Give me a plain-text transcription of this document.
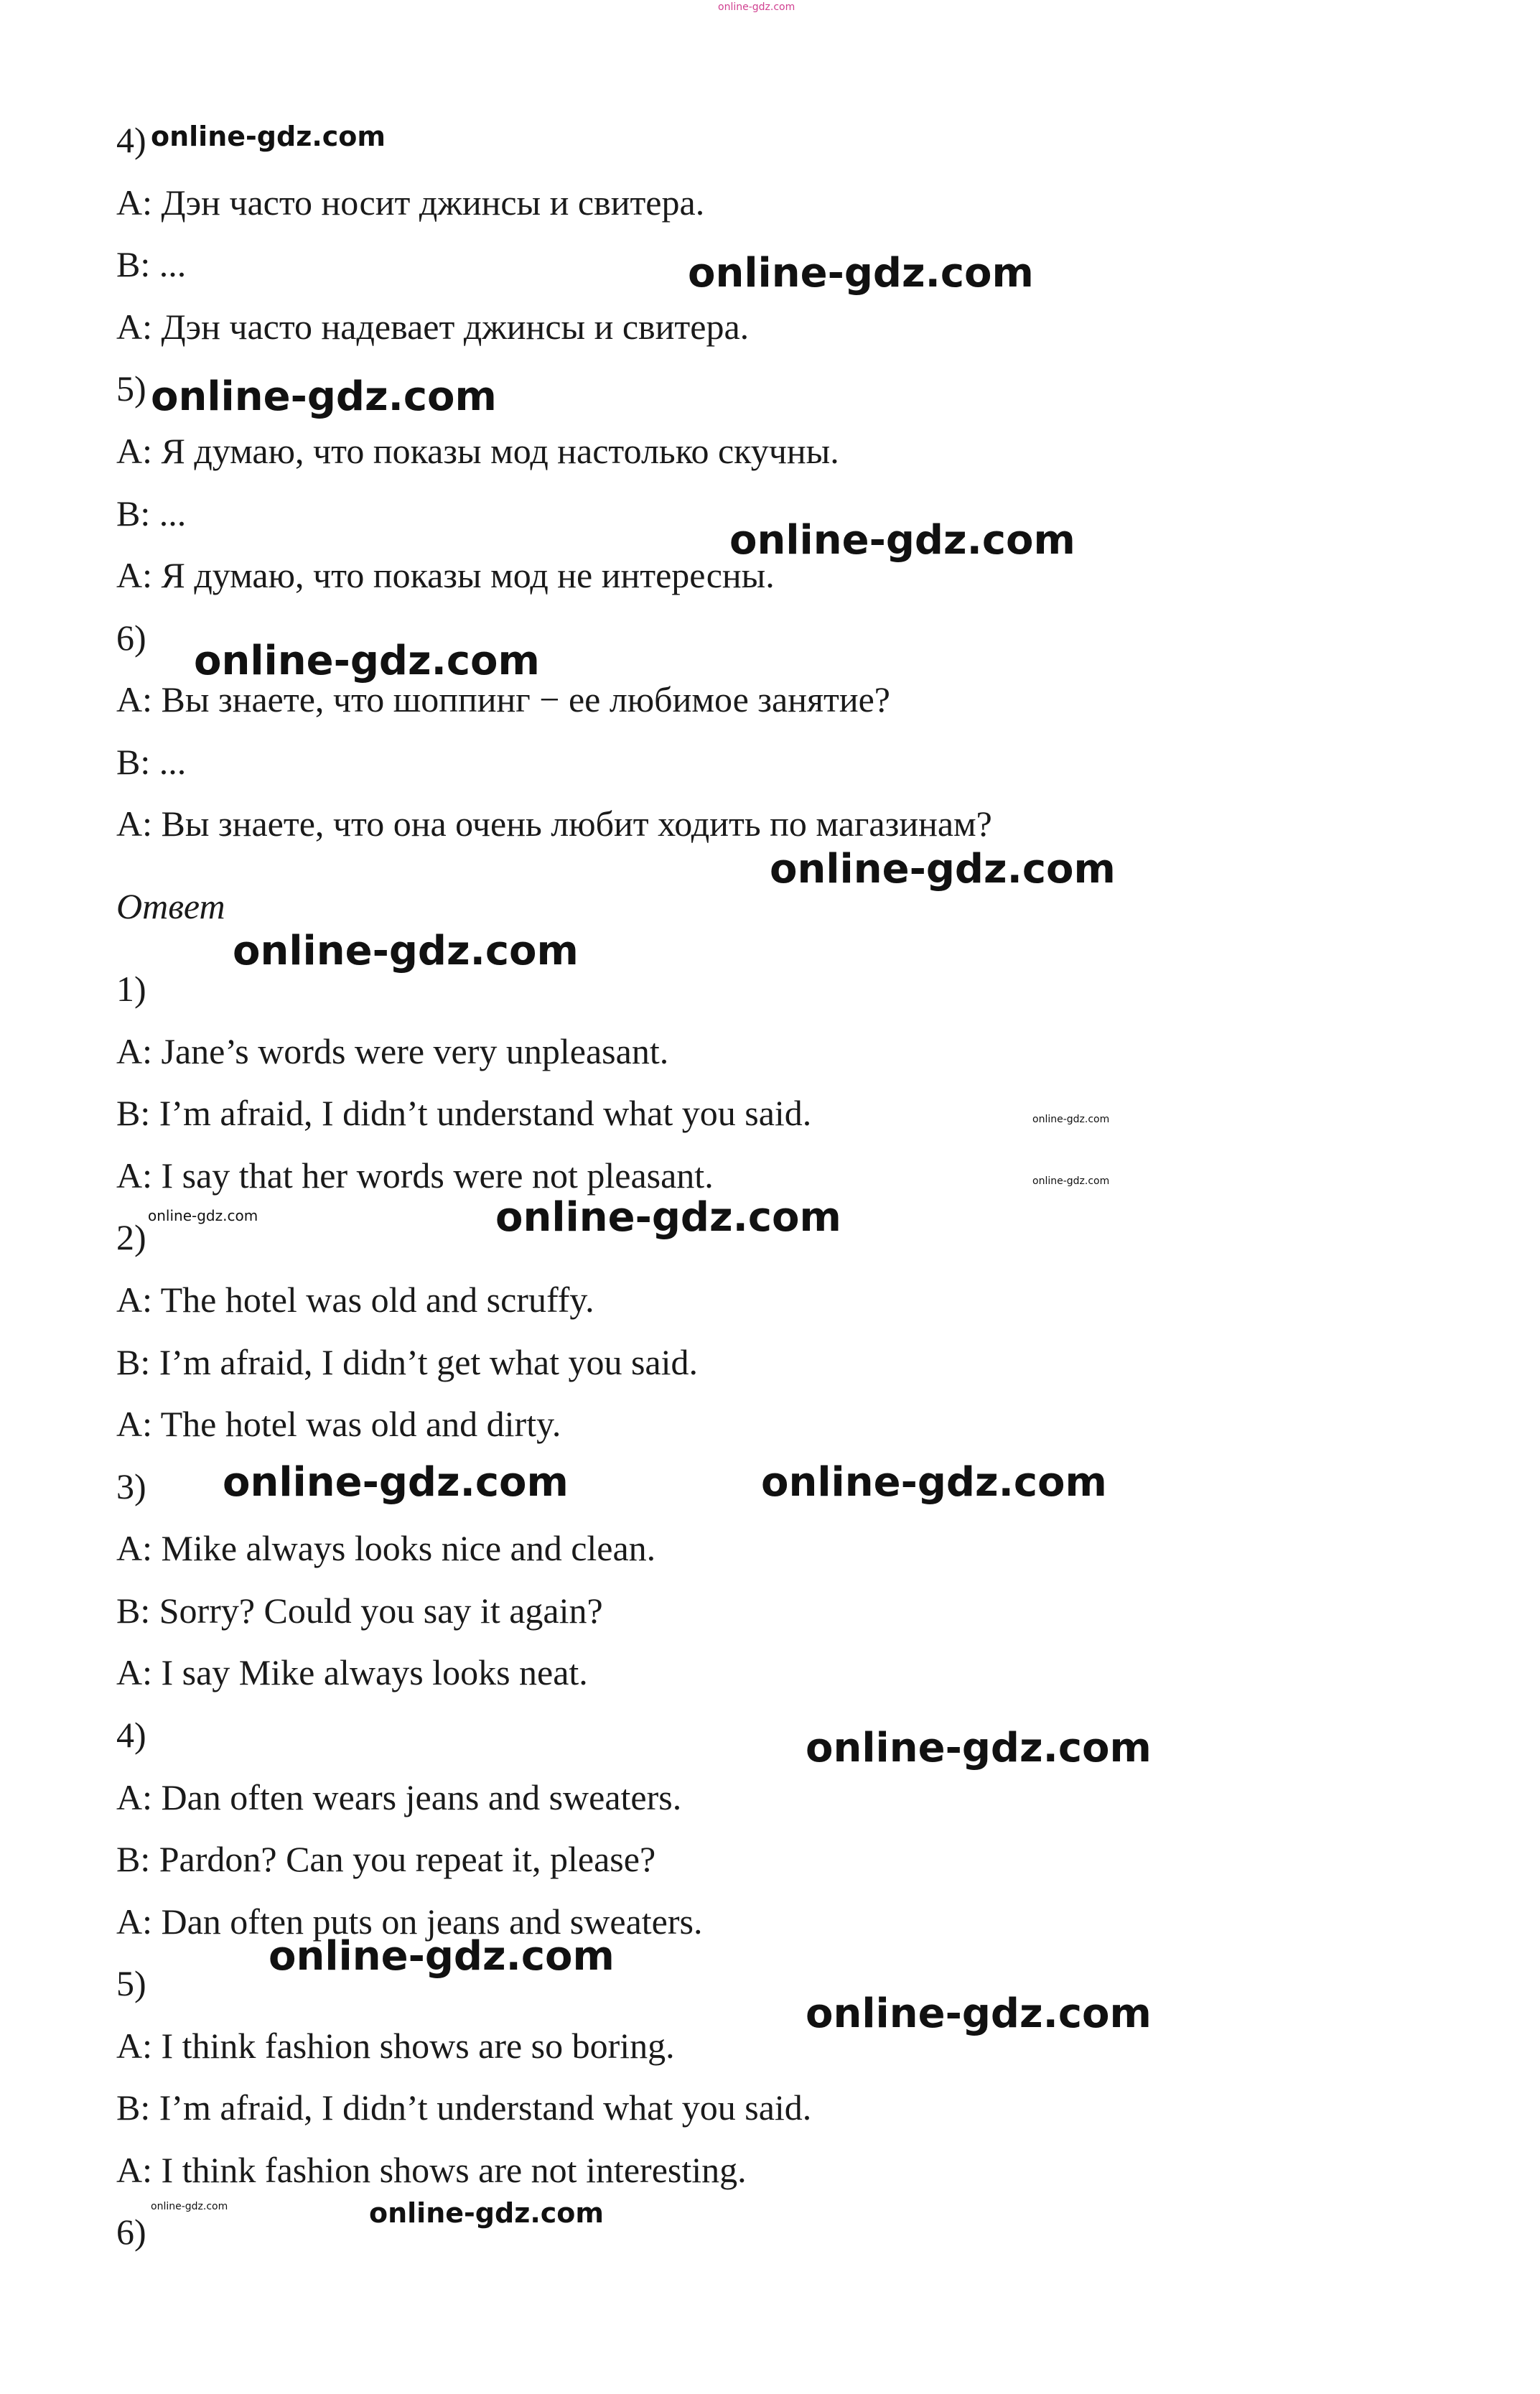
online-gdz.com
4)
A: Дэн часто носит джинсы и свитера.
B: ...
A: Дэн часто надевает джинсы и свитера.
5)
A: Я думаю, что показы мод настолько скучны.
B: ...
A: Я думаю, что показы мод не интересны.
6)
A: Вы знаете, что шоппинг − ее любимое занятие?
B: ...
A: Вы знаете, что она очень любит ходить по магазинам?
Ответ
1)
A: Jane’s words were very unpleasant.
B: I’m afraid, I didn’t understand what you said.
A: I say that her words were not pleasant.
2)
A: The hotel was old and scruffy.
B: I’m afraid, I didn’t get what you said.
A: The hotel was old and dirty.
3)
A: Mike always looks nice and clean.
B: Sorry? Could you say it again?
A: I say Mike always looks neat.
4)
A: Dan often wears jeans and sweaters.
B: Pardon? Can you repeat it, please?
A: Dan often puts on jeans and sweaters.
5)
A: I think fashion shows are so boring.
B: I’m afraid, I didn’t understand what you said.
A: I think fashion shows are not interesting.
6)
online-gdz.com
online-gdz.com
online-gdz.com
online-gdz.com
online-gdz.com
online-gdz.com
online-gdz.com
online-gdz.com
online-gdz.com
online-gdz.com	online-gdz.com
online-gdz.com	online-gdz.com
online-gdz.com
online-gdz.com
online-gdz.com
online-gdz.com	online-gdz.com
